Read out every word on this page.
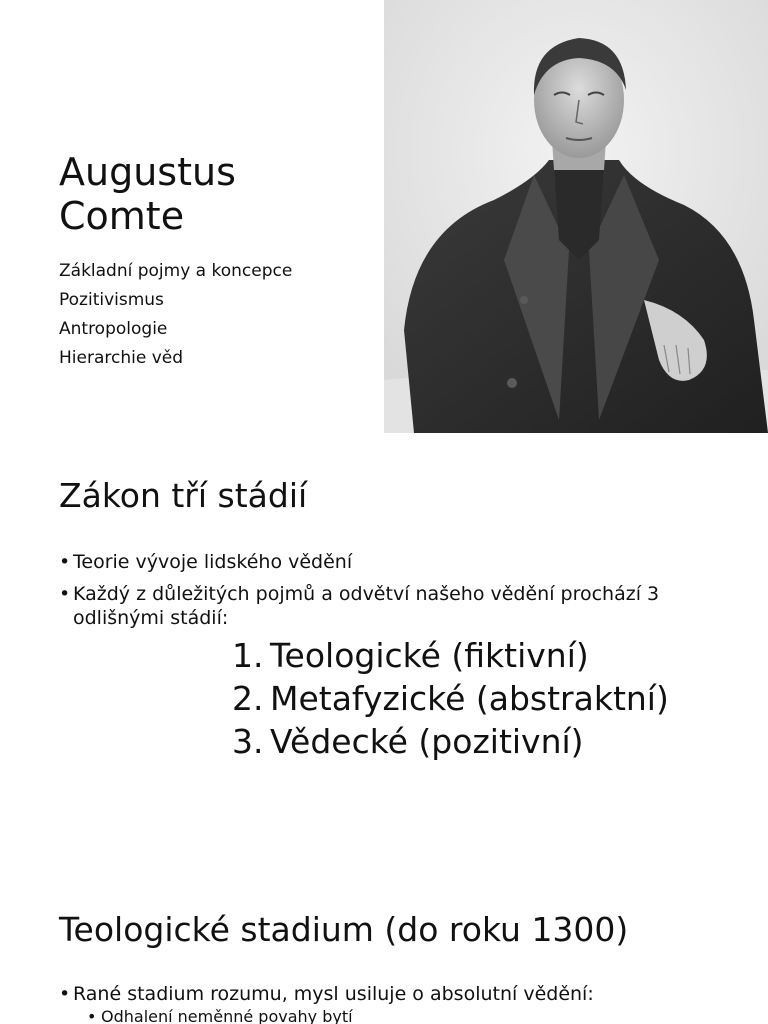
Augustus
Comte
Základní pojmy a koncepce
Pozitivismus
Antropologie
Hierarchie věd
Zákon tří stádií
• Teorie vývoje lidského vědění
• Každý z důležitých pojmů a odvětví našeho vědění prochází 3 odlišnými stádií:
1. Teologické (fiktivní)
2. Metafyzické (abstraktní)
3. Vědecké (pozitivní)
Teologické stadium (do roku 1300)
• Rané stadium rozumu, mysl usiluje o absolutní vědění:
• Odhalení neměnné povahy bytí
